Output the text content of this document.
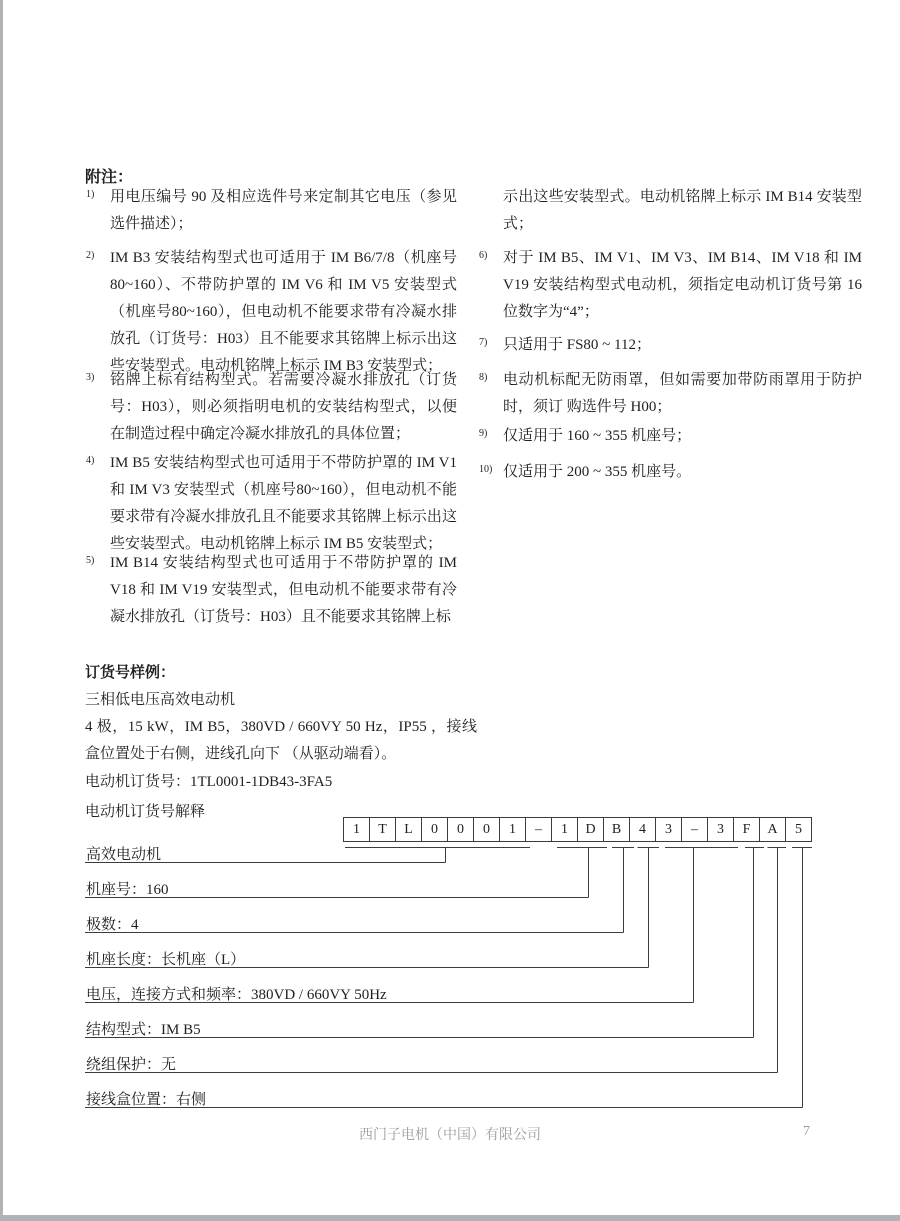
附注：
1)	用电压编号 90 及相应选件号来定制其它电压（参见选件描述）；
2)	IM B3 安装结构型式也可适用于 IM B6/7/8（机座号 80~160）、不带防护罩的 IM V6 和 IM V5 安装型式（机座号80~160），但电动机不能要求带有冷凝水排放孔（订货号：H03）且不能要求其铭牌上标示出这些安装型式。电动机铭牌上标示 IM B3 安装型式；
3)	铭牌上标有结构型式。若需要冷凝水排放孔（订货号：H03），则必须指明电机的安装结构型式，以便在制造过程中确定冷凝水排放孔的具体位置；
4)	IM B5 安装结构型式也可适用于不带防护罩的 IM V1 和 IM V3 安装型式（机座号80~160），但电动机不能要求带有冷凝水排放孔且不能要求其铭牌上标示出这些安装型式。电动机铭牌上标示 IM B5 安装型式；
5)	IM B14 安装结构型式也可适用于不带防护罩的 IM V18 和 IM V19 安装型式，但电动机不能要求带有冷凝水排放孔（订货号：H03）且不能要求其铭牌上标
示出这些安装型式。电动机铭牌上标示 IM B14 安装型式；
6)	对于 IM B5、IM V1、IM V3、IM B14、IM V18 和 IM V19 安装结构型式电动机，须指定电动机订货号第 16 位数字为“4”；
7)	只适用于 FS80 ~ 112；
8)	电动机标配无防雨罩，但如需要加带防雨罩用于防护时，须订 购选件号 H00；
9)	仅适用于 160 ~ 355 机座号；
10) 仅适用于 200 ~ 355 机座号。
订货号样例：
三相低电压高效电动机
4 极，15 kW，IM B5，380VD / 660VY 50 Hz，IP55 ，接线盒位置处于右侧，进线孔向下 （从驱动端看）。
电动机订货号：1TL0001-1DB43-3FA5
电动机订货号解释
1	T	L	0	0	0	1	–	1	D	B	4	3	–	3	F	A	5
高效电动机
机座号：160
极数：4
机座长度：长机座（L）
电压，连接方式和频率：380VD / 660VY 50Hz
结构型式：IM B5
绕组保护：无
接线盒位置：右侧
西门子电机（中国）有限公司	7
